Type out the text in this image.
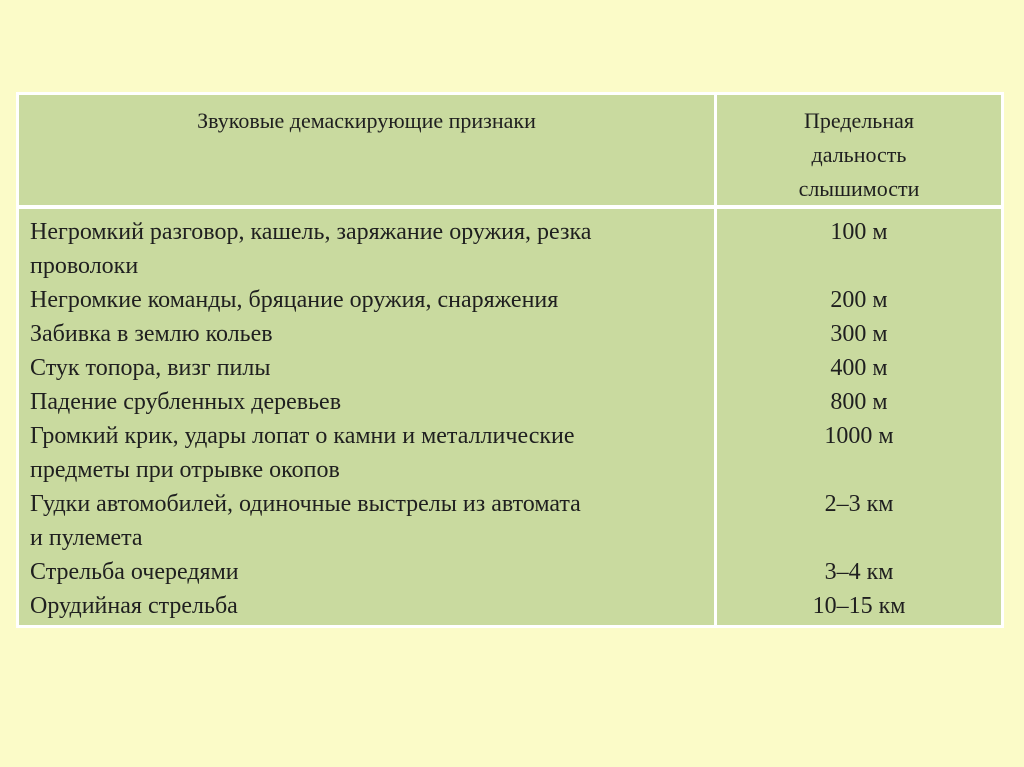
Звуковые демаскирующие признаки	Предельная
дальность
слышимости
Негромкий разговор, кашель, заряжание оружия, резка
проволоки
Негромкие команды, бряцание оружия, снаряжения
Забивка в землю кольев
Стук топора, визг пилы
Падение срубленных деревьев
Громкий крик, удары лопат о камни и металлические
предметы при отрывке окопов
Гудки автомобилей, одиночные выстрелы из автомата
и пулемета
Стрельба очередями
Орудийная стрельба
100 м

200 м
300 м
400 м
800 м
1000 м

2–3 км

3–4 км
10–15 км
